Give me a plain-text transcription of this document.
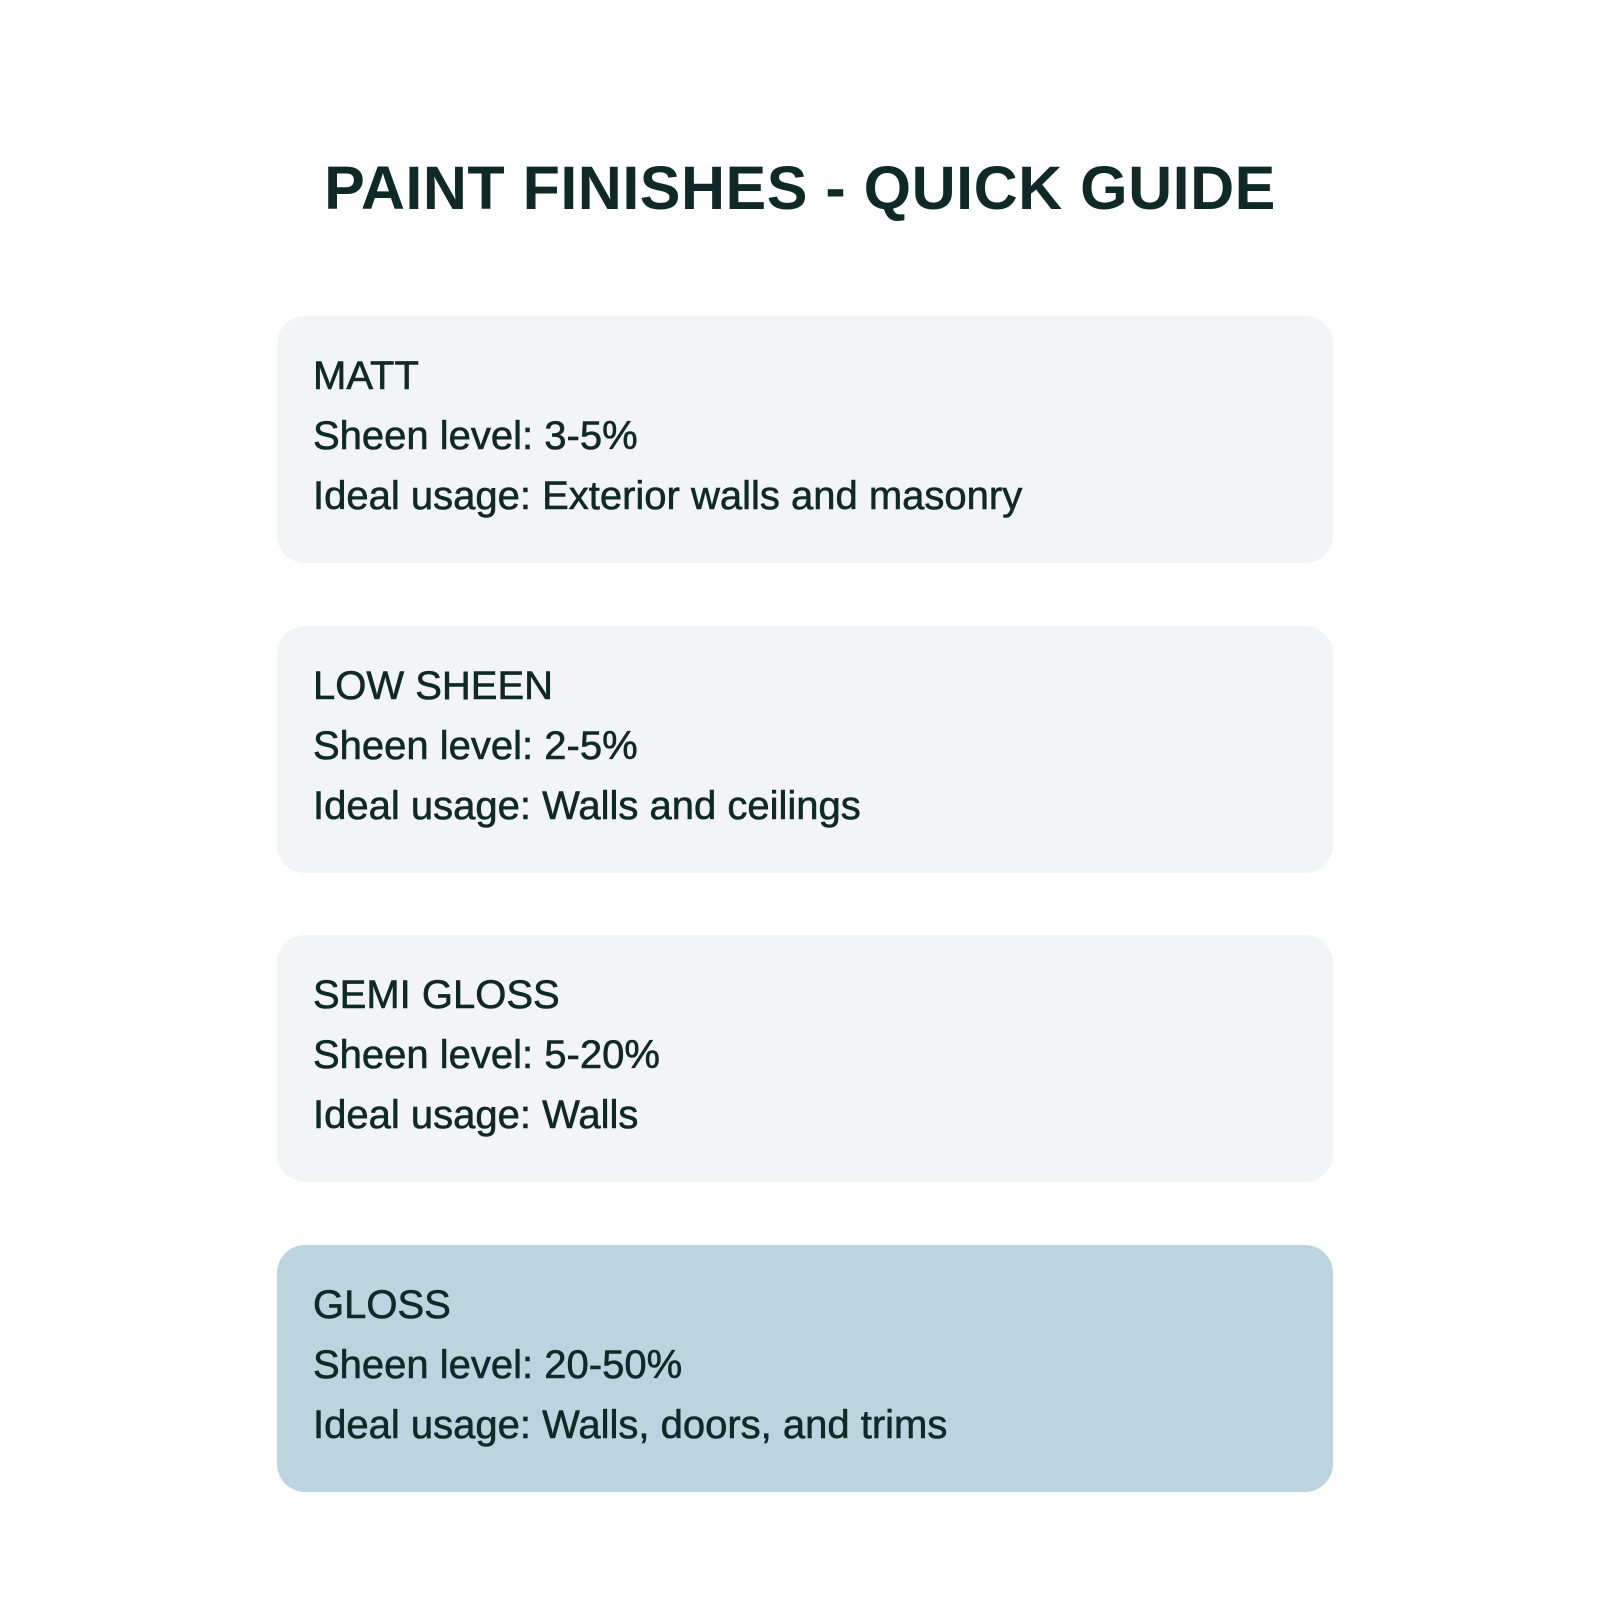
PAINT FINISHES - QUICK GUIDE
MATT
Sheen level: 3-5%
Ideal usage: Exterior walls and masonry
LOW SHEEN
Sheen level: 2-5%
Ideal usage: Walls and ceilings
SEMI GLOSS
Sheen level: 5-20%
Ideal usage: Walls
GLOSS
Sheen level: 20-50%
Ideal usage: Walls, doors, and trims
